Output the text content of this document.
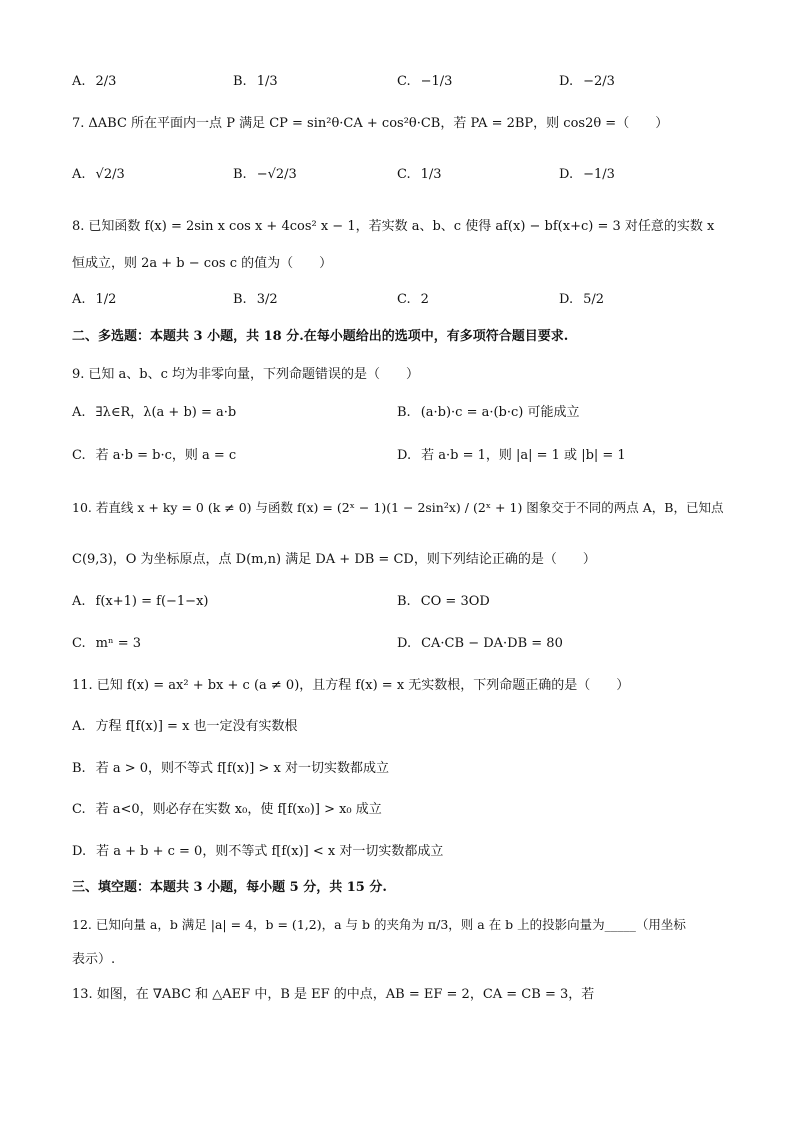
A. 2/3	B. 1/3	C. −1/3	D. −2/3
7. ΔABC 所在平面内一点 P 满足 CP = sin²θ·CA + cos²θ·CB，若 PA = 2BP，则 cos2θ =（　　）
A. √2/3	B. −√2/3	C. 1/3	D. −1/3
8. 已知函数 f(x) = 2sin x cos x + 4cos² x − 1，若实数 a、b、c 使得 af(x) − bf(x+c) = 3 对任意的实数 x
恒成立，则 2a + b − cos c 的值为（　　）
A. 1/2	B. 3/2	C. 2	D. 5/2
二、多选题：本题共 3 小题，共 18 分.在每小题给出的选项中，有多项符合题目要求.
9. 已知 a、b、c 均为非零向量，下列命题错误的是（　　）
A. ∃λ∈R，λ(a + b) = a·b	B. (a·b)·c = a·(b·c) 可能成立
C. 若 a·b = b·c，则 a = c	D. 若 a·b = 1，则 |a| = 1 或 |b| = 1
10. 若直线 x + ky = 0 (k ≠ 0) 与函数 f(x) = (2ˣ − 1)(1 − 2sin²x) / (2ˣ + 1) 图象交于不同的两点 A，B，已知点
C(9,3)，O 为坐标原点，点 D(m,n) 满足 DA + DB = CD，则下列结论正确的是（　　）
A. f(x+1) = f(−1−x)	B. CO = 3OD
C. mⁿ = 3	D. CA·CB − DA·DB = 80
11. 已知 f(x) = ax² + bx + c (a ≠ 0)，且方程 f(x) = x 无实数根，下列命题正确的是（　　）
A. 方程 f[f(x)] = x 也一定没有实数根
B. 若 a > 0，则不等式 f[f(x)] > x 对一切实数都成立
C. 若 a<0，则必存在实数 x₀，使 f[f(x₀)] > x₀ 成立
D. 若 a + b + c = 0，则不等式 f[f(x)] < x 对一切实数都成立
三、填空题：本题共 3 小题，每小题 5 分，共 15 分.
12. 已知向量 a，b 满足 |a| = 4，b = (1,2)，a 与 b 的夹角为 π/3，则 a 在 b 上的投影向量为_____（用坐标
表示）.
13. 如图，在 ∇ABC 和 △AEF 中，B 是 EF 的中点，AB = EF = 2，CA = CB = 3，若
